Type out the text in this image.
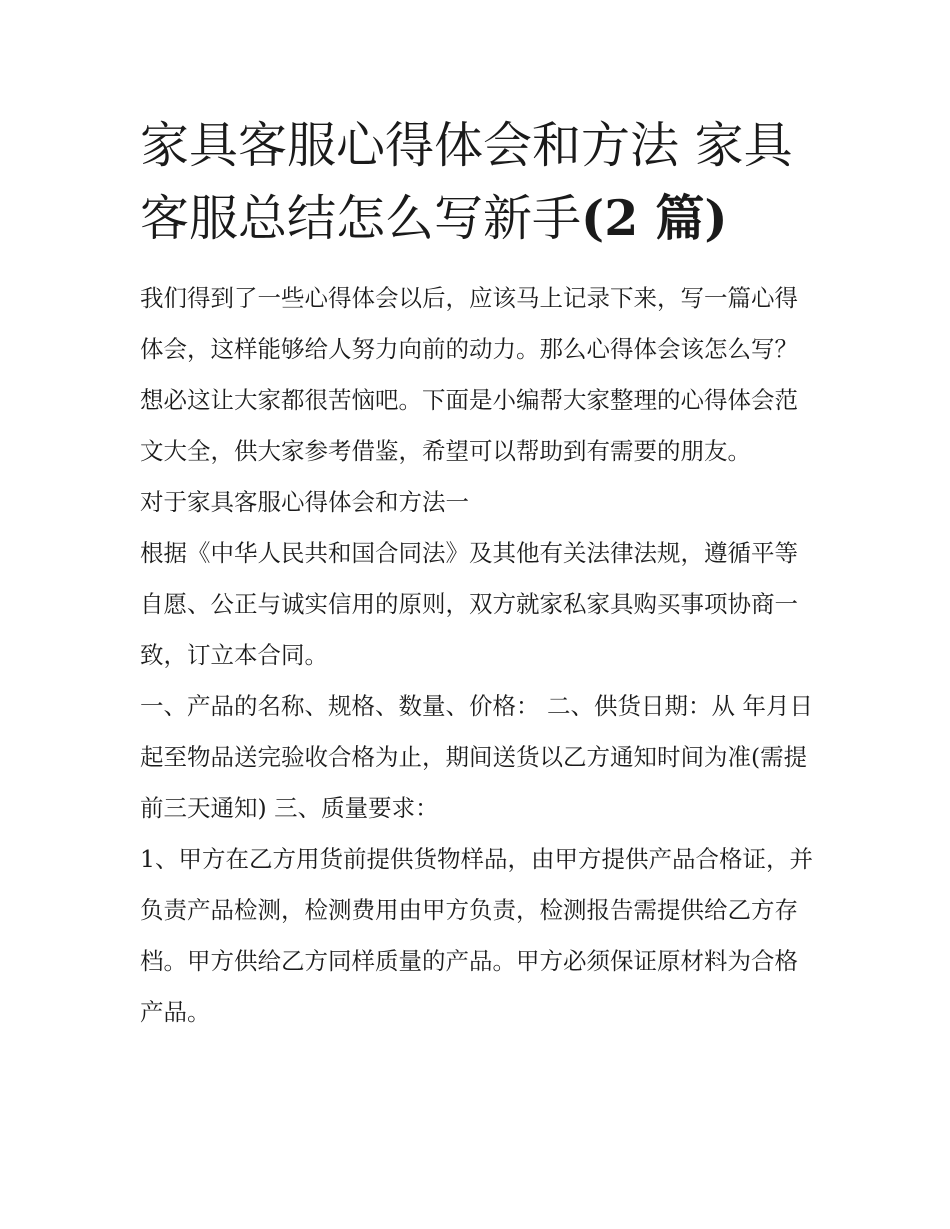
家具客服心得体会和方法 家具客服总结怎么写新手(2 篇)

我们得到了一些心得体会以后，应该马上记录下来，写一篇心得体会，这样能够给人努力向前的动力。那么心得体会该怎么写？想必这让大家都很苦恼吧。下面是小编帮大家整理的心得体会范文大全，供大家参考借鉴，希望可以帮助到有需要的朋友。

对于家具客服心得体会和方法一

根据《中华人民共和国合同法》及其他有关法律法规，遵循平等自愿、公正与诚实信用的原则，双方就家私家具购买事项协商一致，订立本合同。

一、产品的名称、规格、数量、价格： 二、供货日期：从 年月日起至物品送完验收合格为止，期间送货以乙方通知时间为准(需提前三天通知) 三、质量要求：

1、甲方在乙方用货前提供货物样品，由甲方提供产品合格证，并负责产品检测，检测费用由甲方负责，检测报告需提供给乙方存档。甲方供给乙方同样质量的产品。甲方必须保证原材料为合格产品。
